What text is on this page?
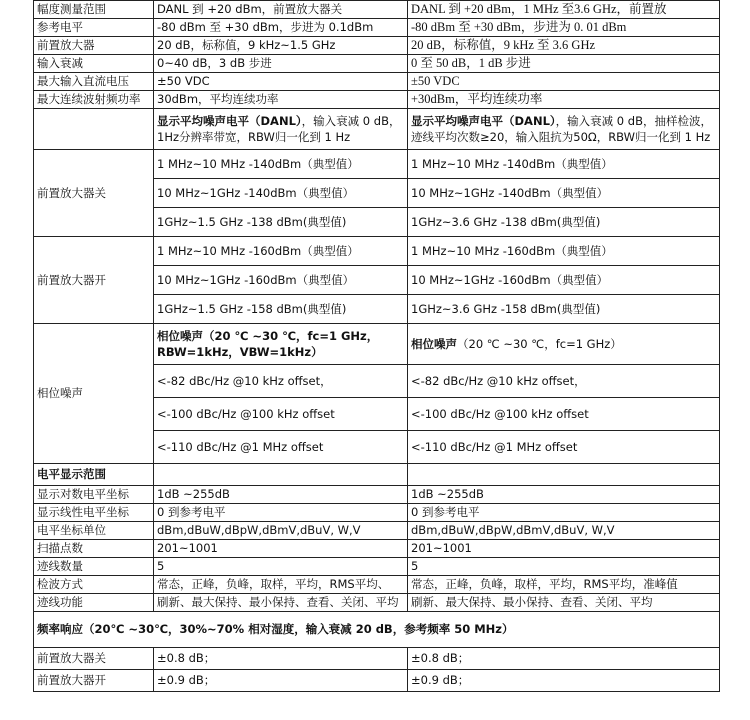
幅度测量范围	DANL 到 +20 dBm，前置放大器关	DANL 到 +20 dBm，1 MHz 至3.6 GHz，前置放
参考电平	-80 dBm 至 +30 dBm，步进为 0.1dBm	-80 dBm 至 +30 dBm，步进为 0. 01 dBm
前置放大器	20 dB，标称值，9 kHz~1.5 GHz	20 dB，标称值，9 kHz 至 3.6 GHz
输入衰减	0~40 dB，3 dB 步进	0 至 50 dB，1 dB 步进
最大输入直流电压	±50 VDC	±50 VDC
最大连续波射频功率	30dBm，平均连续功率	+30dBm，平均连续功率
	显示平均噪声电平（DANL），输入衰减 0 dB，1Hz分辨率带宽，RBW归一化到 1 Hz	显示平均噪声电平（DANL），输入衰减 0 dB，抽样检波，迹线平均次数≥20，输入阻抗为50Ω，RBW归一化到 1 Hz
前置放大器关	1 MHz~10 MHz -140dBm（典型值）	1 MHz~10 MHz -140dBm（典型值）
	10 MHz~1GHz -140dBm（典型值）	10 MHz~1GHz -140dBm（典型值）
	1GHz~1.5 GHz -138 dBm(典型值)	1GHz~3.6 GHz -138 dBm(典型值)
前置放大器开	1 MHz~10 MHz -160dBm（典型值）	1 MHz~10 MHz -160dBm（典型值）
	10 MHz~1GHz -160dBm（典型值）	10 MHz~1GHz -160dBm（典型值）
	1GHz~1.5 GHz -158 dBm(典型值)	1GHz~3.6 GHz -158 dBm(典型值)
相位噪声	相位噪声（20 ℃ ~30 ℃，fc=1 GHz，RBW=1kHz，VBW=1kHz）	相位噪声（20 ℃ ~30 ℃，fc=1 GHz）
	<-82 dBc/Hz @10 kHz offset，	<-82 dBc/Hz @10 kHz offset，
	<-100 dBc/Hz @100 kHz offset	<-100 dBc/Hz @100 kHz offset
	<-110 dBc/Hz @1 MHz offset	<-110 dBc/Hz @1 MHz offset
电平显示范围		
显示对数电平坐标	1dB ~255dB	1dB ~255dB
显示线性电平坐标	0 到参考电平	0 到参考电平
电平坐标单位	dBm,dBuW,dBpW,dBmV,dBuV, W,V	dBm,dBuW,dBpW,dBmV,dBuV, W,V
扫描点数	201~1001	201~1001
迹线数量	5	5
检波方式	常态，正峰，负峰，取样，平均，RMS平均、	常态，正峰，负峰，取样，平均，RMS平均，准峰值
迹线功能	刷新、最大保持、最小保持、查看、关闭、平均	刷新、最大保持、最小保持、查看、关闭、平均
频率响应（20℃ ~30℃，30%~70% 相对湿度，输入衰减 20 dB，参考频率 50 MHz）		
前置放大器关	±0.8 dB；	±0.8 dB；
前置放大器开	±0.9 dB；	±0.9 dB；
